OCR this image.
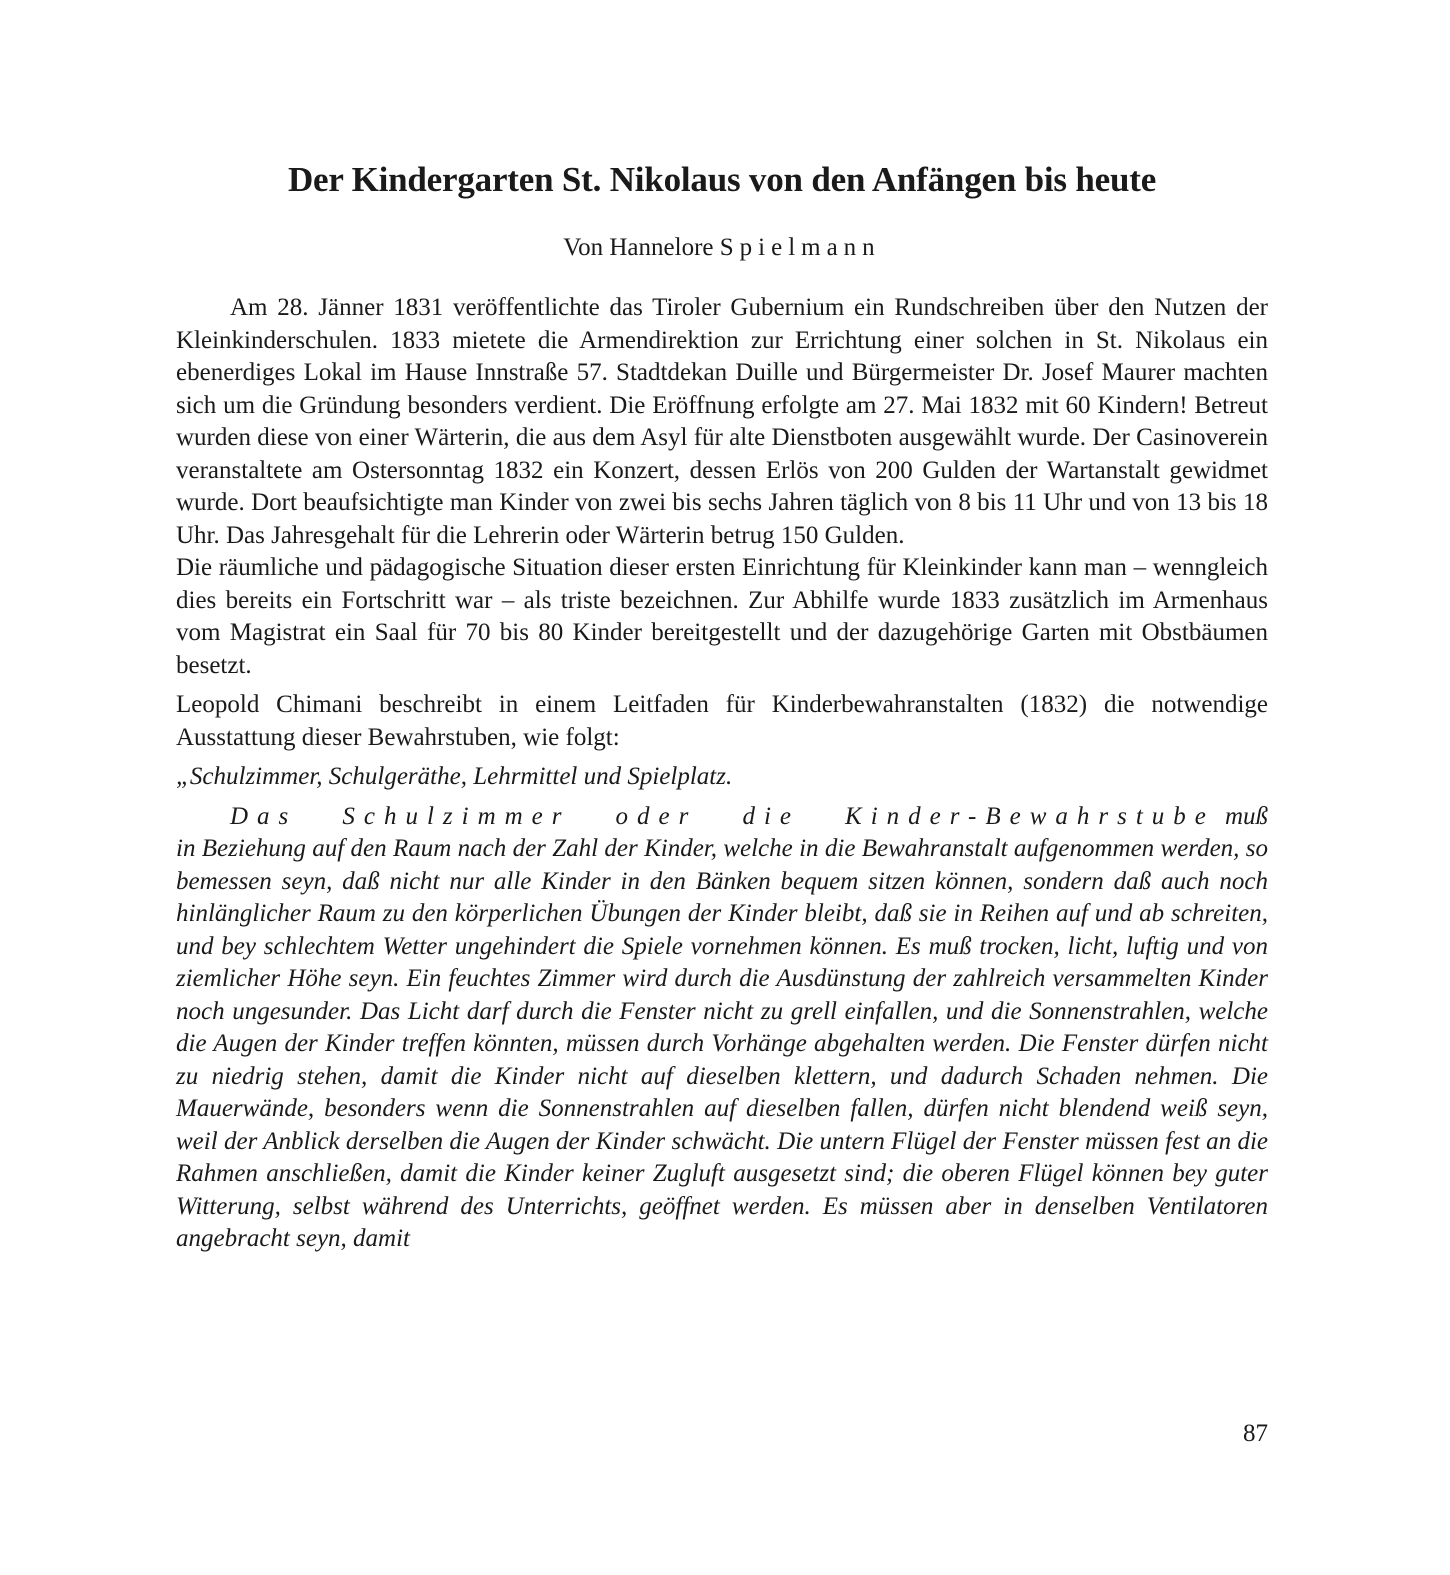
Der Kindergarten St. Nikolaus von den Anfängen bis heute

Von Hannelore Spielmann

Am 28. Jänner 1831 veröffentlichte das Tiroler Gubernium ein Rundschreiben über den Nutzen der Kleinkinderschulen. 1833 mietete die Armendirektion zur Errichtung einer solchen in St. Nikolaus ein ebenerdiges Lokal im Hause Innstraße 57. Stadtdekan Duille und Bürgermeister Dr. Josef Maurer machten sich um die Gründung besonders verdient. Die Eröffnung erfolgte am 27. Mai 1832 mit 60 Kindern! Betreut wurden diese von einer Wärterin, die aus dem Asyl für alte Dienstboten ausgewählt wurde. Der Casinoverein veranstaltete am Ostersonntag 1832 ein Konzert, dessen Erlös von 200 Gulden der Wartanstalt gewidmet wurde. Dort beaufsichtigte man Kinder von zwei bis sechs Jahren täglich von 8 bis 11 Uhr und von 13 bis 18 Uhr. Das Jahresgehalt für die Lehrerin oder Wärterin betrug 150 Gulden.

Die räumliche und pädagogische Situation dieser ersten Einrichtung für Kleinkinder kann man – wenngleich dies bereits ein Fortschritt war – als triste bezeichnen. Zur Abhilfe wurde 1833 zusätzlich im Armenhaus vom Magistrat ein Saal für 70 bis 80 Kinder bereitgestellt und der dazugehörige Garten mit Obstbäumen besetzt.

Leopold Chimani beschreibt in einem Leitfaden für Kinderbewahranstalten (1832) die notwendige Ausstattung dieser Bewahrstuben, wie folgt:

„Schulzimmer, Schulgeräthe, Lehrmittel und Spielplatz.

Das Schulzimmer oder die Kinder-Bewahrstube muß in Beziehung auf den Raum nach der Zahl der Kinder, welche in die Bewahranstalt aufgenommen werden, so bemessen seyn, daß nicht nur alle Kinder in den Bänken bequem sitzen können, sondern daß auch noch hinlänglicher Raum zu den körperlichen Übungen der Kinder bleibt, daß sie in Reihen auf und ab schreiten, und bey schlechtem Wetter ungehindert die Spiele vornehmen können. Es muß trocken, licht, luftig und von ziemlicher Höhe seyn. Ein feuchtes Zimmer wird durch die Ausdünstung der zahlreich versammelten Kinder noch ungesunder. Das Licht darf durch die Fenster nicht zu grell einfallen, und die Sonnenstrahlen, welche die Augen der Kinder treffen könnten, müssen durch Vorhänge abgehalten werden. Die Fenster dürfen nicht zu niedrig stehen, damit die Kinder nicht auf dieselben klettern, und dadurch Schaden nehmen. Die Mauerwände, besonders wenn die Sonnenstrahlen auf dieselben fallen, dürfen nicht blendend weiß seyn, weil der Anblick derselben die Augen der Kinder schwächt. Die untern Flügel der Fenster müssen fest an die Rahmen anschließen, damit die Kinder keiner Zugluft ausgesetzt sind; die oberen Flügel können bey guter Witterung, selbst während des Unterrichts, geöffnet werden. Es müssen aber in denselben Ventilatoren angebracht seyn, damit

87
